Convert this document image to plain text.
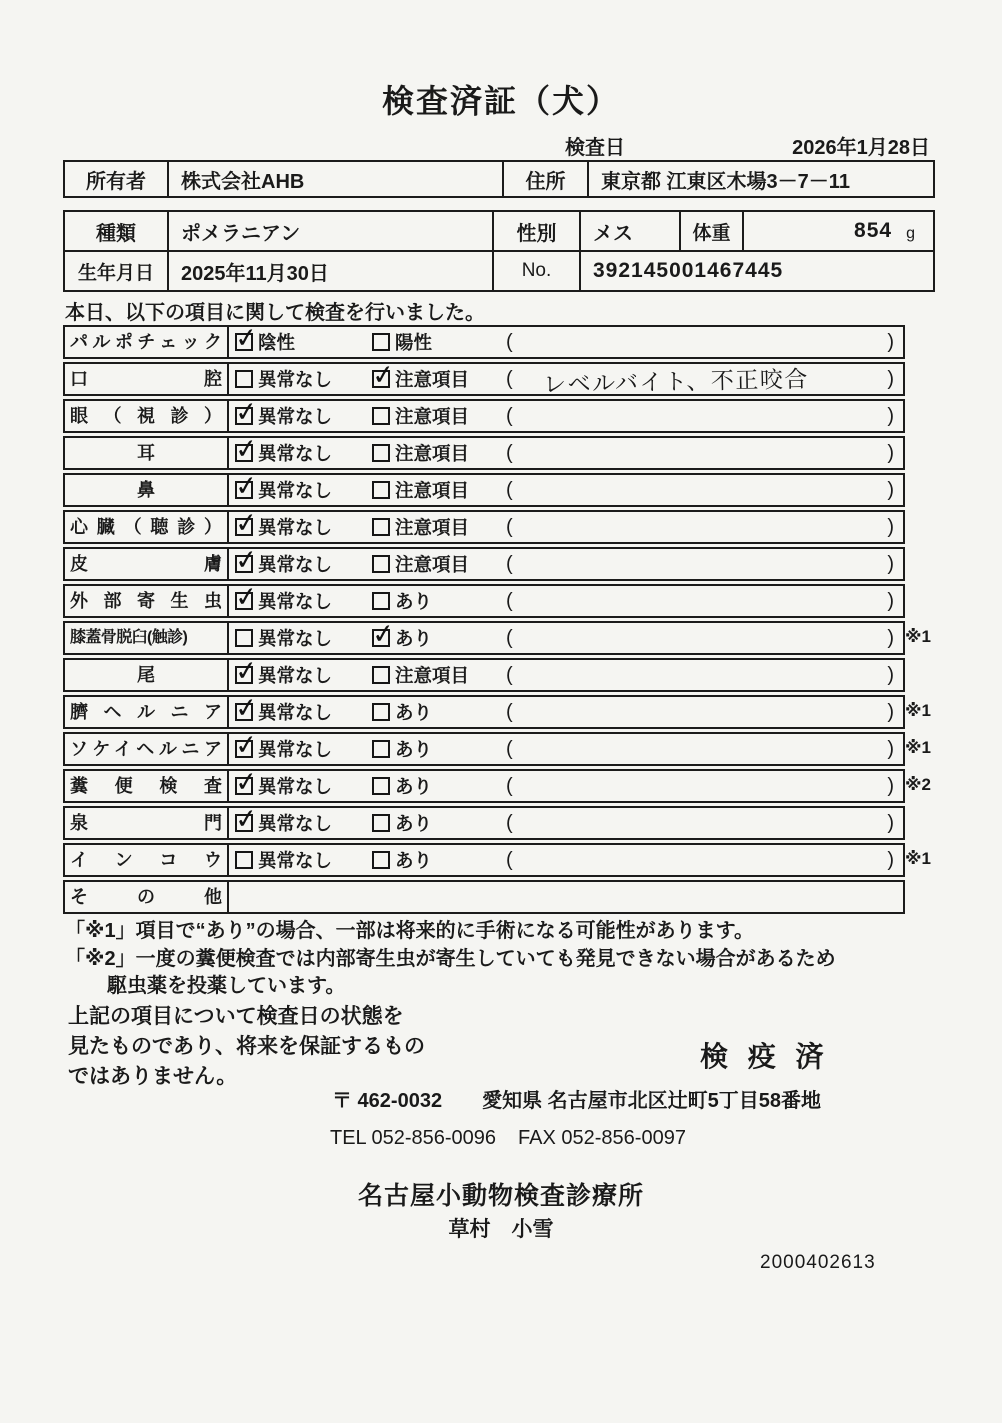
検査済証（犬）
検査日	2026年1月28日
所有者	株式会社AHB	住所	東京都 江東区木場3－7－11
種類	ポメラニアン	性別	メス	体重	854 g
生年月日	2025年11月30日	No.	392145001467445
本日、以下の項目に関して検査を行いました。
パルポチェック ✓	陰性	陽性	(	)
口腔	異常なし ✓	注意項目 (	レベルバイト、不正咬合	)
眼（視診） ✓	異常なし	注意項目 (	)
耳 ✓	異常なし	注意項目 (	)
鼻 ✓	異常なし	注意項目 (	)
心臓（聴診） ✓	異常なし	注意項目 (	)
皮膚 ✓	異常なし	注意項目 (	)
外部寄生虫 ✓	異常なし	あり	(	)
膝蓋骨脱臼(触診)	異常なし ✓	あり	(	) ※1
尾 ✓	異常なし	注意項目 (	)
臍ヘルニア ✓	異常なし	あり	(	) ※1
ソケイヘルニア ✓	異常なし	あり	(	) ※1
糞便検査 ✓	異常なし	あり	(	) ※2
泉門 ✓	異常なし	あり	(	)
インコウ	異常なし	あり	(	) ※1
その他
「※1」項目で“あり”の場合、一部は将来的に手術になる可能性があります。
「※2」一度の糞便検査では内部寄生虫が寄生していても発見できない場合があるため
駆虫薬を投薬しています。
上記の項目について検査日の状態を
見たものであり、将来を保証するもの
ではありません。
検 疫 済
〒 462-0032 愛知県 名古屋市北区辻町5丁目58番地
TEL 052-856-0096 FAX 052-856-0097
名古屋小動物検査診療所
草村　小雪
2000402613
